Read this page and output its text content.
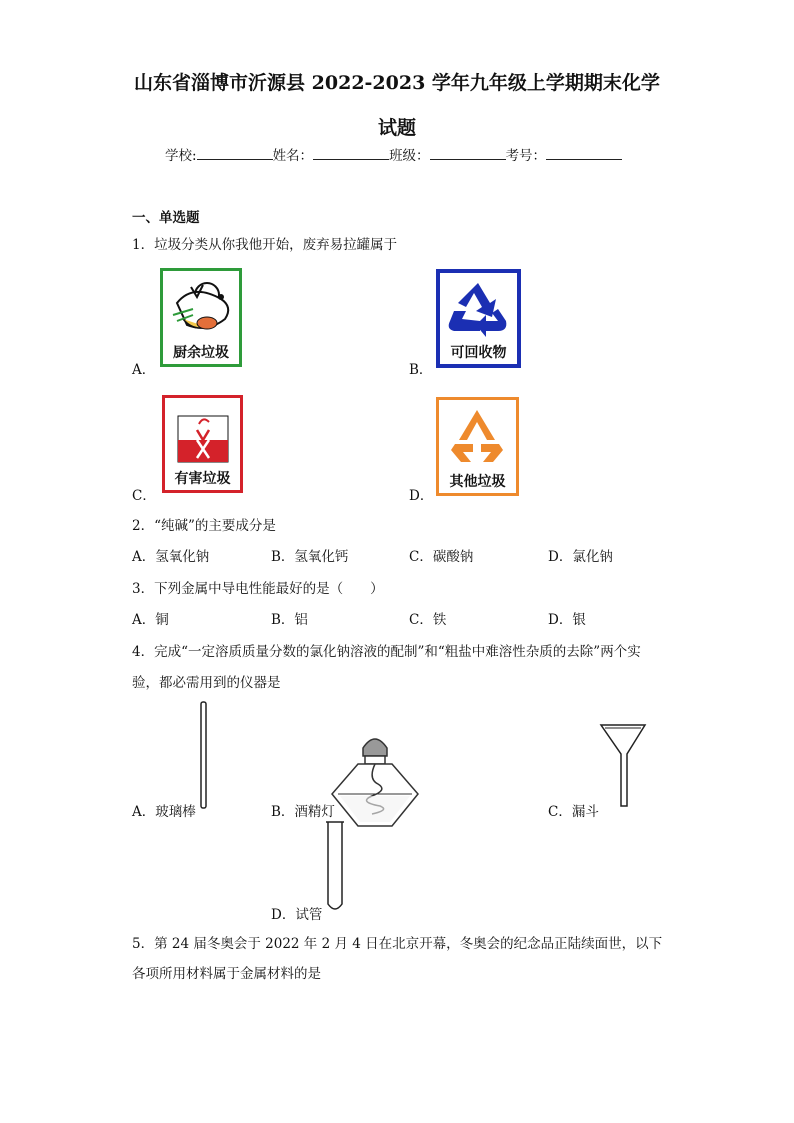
山东省淄博市沂源县 2022-2023 学年九年级上学期期末化学
试题
学校:	姓名：	班级：	考号：
一、单选题
1．垃圾分类从你我他开始，废弃易拉罐属于
A．
厨余垃圾
B．
可回收物
C．
有害垃圾
D．
其他垃圾
2．“纯碱”的主要成分是
A．氢氧化钠	B．氢氧化钙	C．碳酸钠	D．氯化钠
3．下列金属中导电性能最好的是（　　）
A．铜	B．铝	C．铁	D．银
4．完成“一定溶质质量分数的氯化钠溶液的配制”和“粗盐中难溶性杂质的去除”两个实
验，都必需用到的仪器是
A．玻璃棒	B．酒精灯	C．漏斗
D．试管
5．第 24 届冬奥会于 2022 年 2 月 4 日在北京开幕，冬奥会的纪念品正陆续面世，以下
各项所用材料属于金属材料的是
